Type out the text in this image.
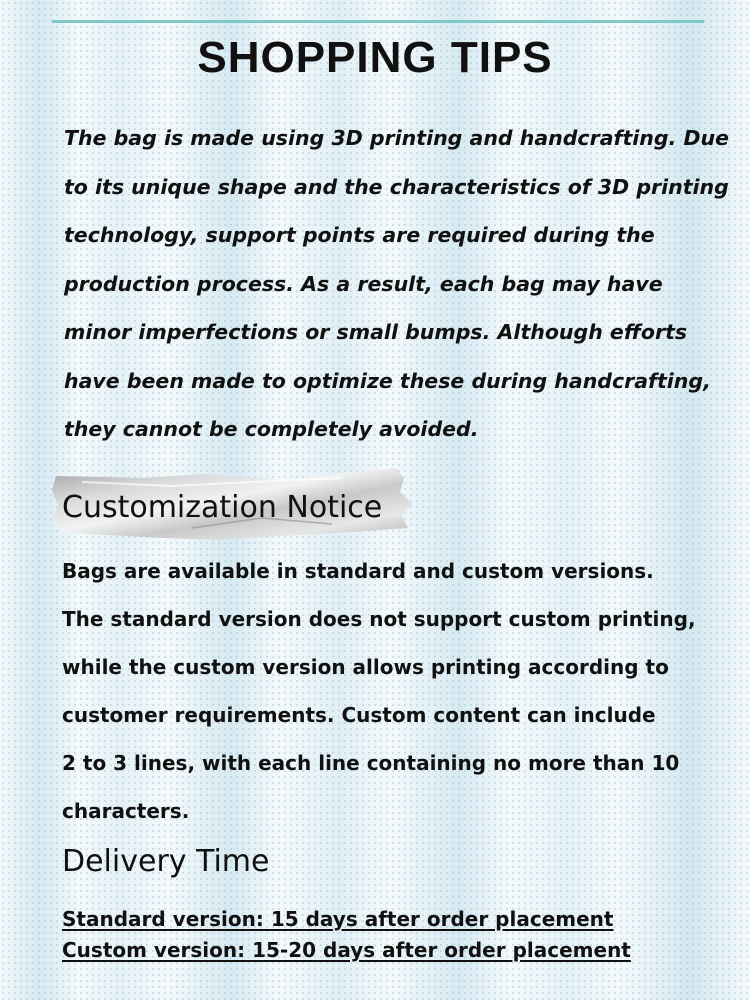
SHOPPING TIPS

The bag is made using 3D printing and handcrafting. Due to its unique shape and the characteristics of 3D printing technology, support points are required during the production process. As a result, each bag may have minor imperfections or small bumps. Although efforts have been made to optimize these during handcrafting, they cannot be completely avoided.

Customization Notice
Bags are available in standard and custom versions.
The standard version does not support custom printing,
while the custom version allows printing according to
customer requirements. Custom content can include
2 to 3 lines, with each line containing no more than 10
characters.
Delivery Time
Standard version: 15 days after order placement
Custom version: 15-20 days after order placement
